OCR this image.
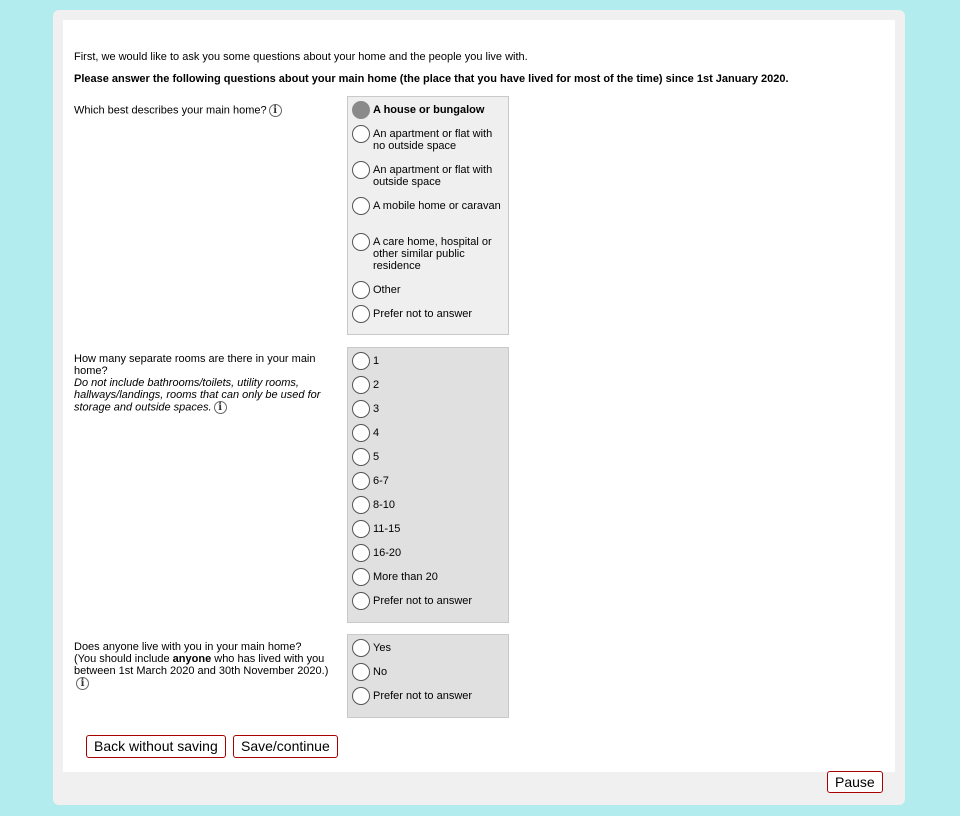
First, we would like to ask you some questions about your home and the people you live with.
Please answer the following questions about your main home (the place that you have lived for most of the time) since 1st January 2020.
Which best describes your main home? i	A house or bungalow
An apartment or flat with no outside space
An apartment or flat with outside space
A mobile home or caravan
A care home, hospital or other similar public residence
Other
Prefer not to answer
How many separate rooms are there in your main home?
Do not include bathrooms/toilets, utility rooms, hallways/landings, rooms that can only be used for storage and outside spaces. i
1
2
3
4
5
6-7
8-10
11-15
16-20
More than 20
Prefer not to answer
Does anyone live with you in your main home?
(You should include anyone who has lived with you between 1st March 2020 and 30th November 2020.)i
Yes
No
Prefer not to answer
Back without saving	Save/continue
Pause
